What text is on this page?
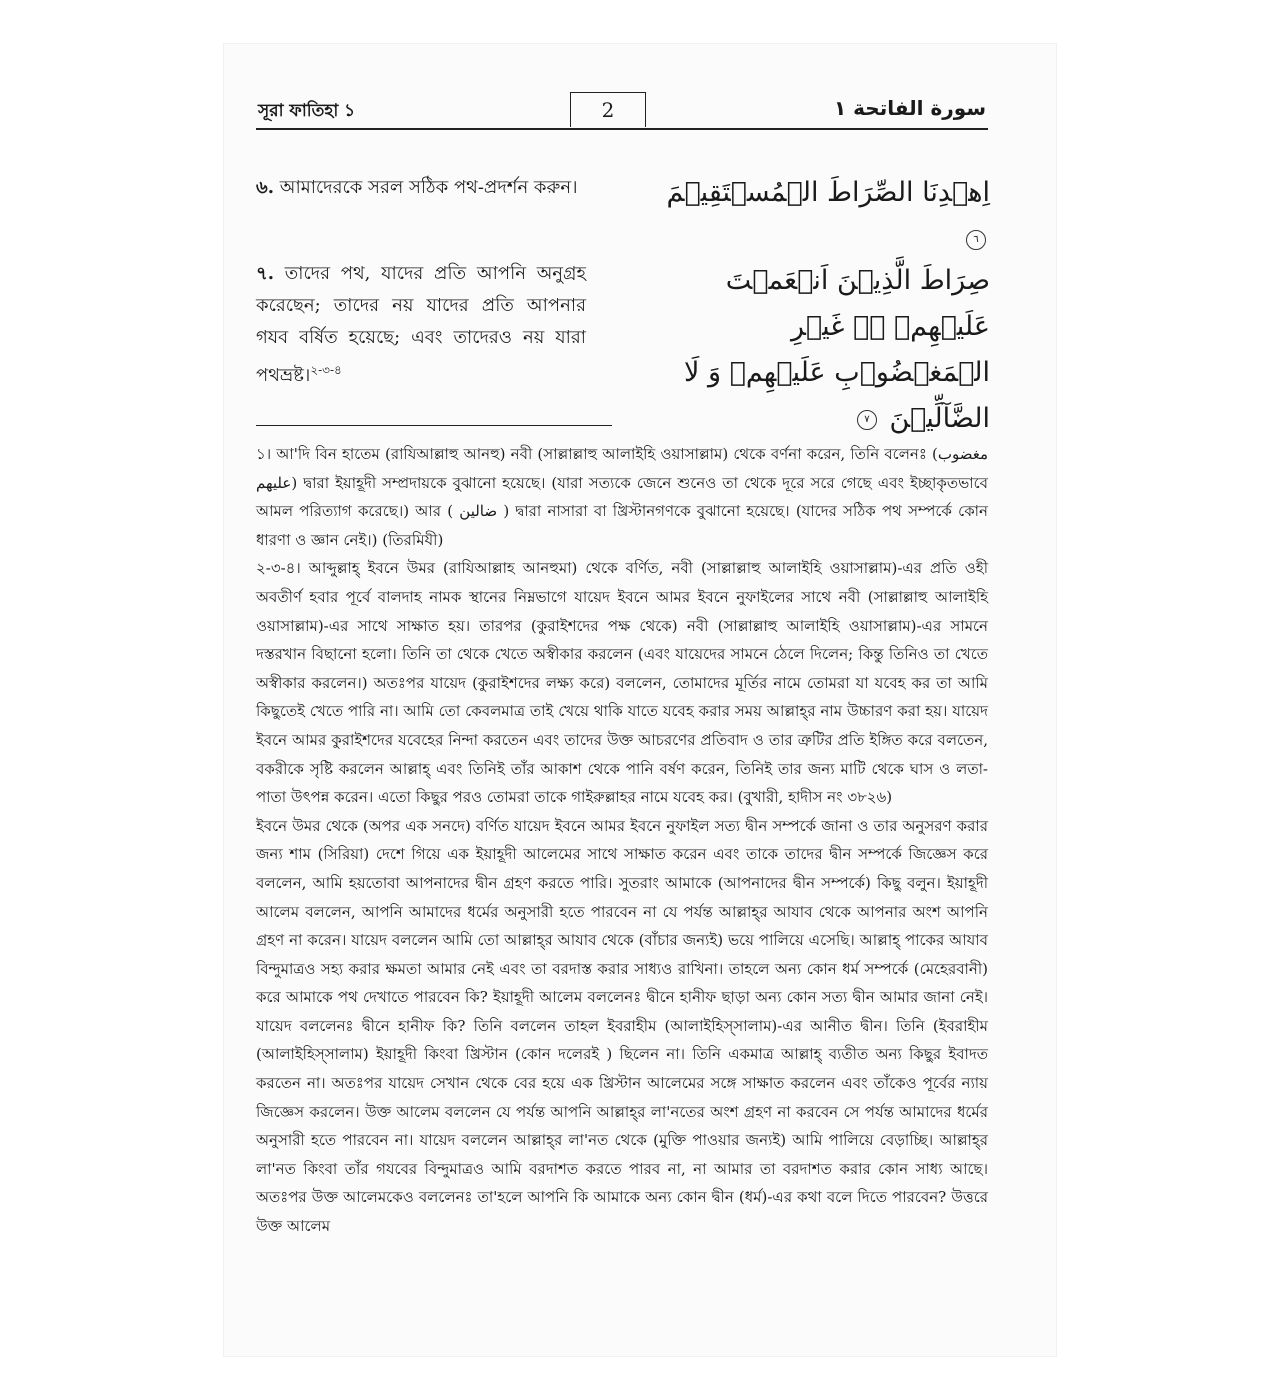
সূরা ফাতিহা ১	2	سورة الفاتحة ١
৬. আমাদেরকে সরল সঠিক পথ-প্রদর্শন করুন।	اِهۡدِنَا الصِّرَاطَ الۡمُسۡتَقِیۡمَ ٦
৭. তাদের পথ, যাদের প্রতি আপনি অনুগ্রহ করেছেন; তাদের নয় যাদের প্রতি আপনার গযব বর্ষিত হয়েছে; এবং তাদেরও নয় যারা পথভ্রষ্ট।$^{২-৩-৪}$
صِرَاطَ الَّذِیۡنَ اَنۡعَمۡتَ عَلَیۡهِمۡ ۙ۬ غَیۡرِ
الۡمَغۡضُوۡبِ عَلَیۡهِمۡ وَ لَا الضَّآلِّیۡنَ ٧

১। আ'দি বিন হাতেম (রাযিআল্লাহু আনহু) নবী (সাল্লাল্লাহু আলাইহি ওয়াসাল্লাম) থেকে বর্ণনা করেন, তিনি বলেনঃ (مغضوب عليهم) দ্বারা ইয়াহূদী সম্প্রদায়কে বুঝানো হয়েছে। (যারা সত্যকে জেনে শুনেও তা থেকে দূরে সরে গেছে এবং ইচ্ছাকৃতভাবে আমল পরিত্যাগ করেছে।) আর ( ضالين ) দ্বারা নাসারা বা খ্রিস্টানগণকে বুঝানো হয়েছে। (যাদের সঠিক পথ সম্পর্কে কোন ধারণা ও জ্ঞান নেই।) (তিরমিযী)

২-৩-৪। আব্দুল্লাহ্ ইবনে উমর (রাযিআল্লাহ আনহুমা) থেকে বর্ণিত, নবী (সাল্লাল্লাহু আলাইহি ওয়াসাল্লাম)-এর প্রতি ওহী অবতীর্ণ হবার পূর্বে বালদাহ নামক স্থানের নিম্নভাগে যায়েদ ইবনে আমর ইবনে নুফাইলের সাথে নবী (সাল্লাল্লাহু আলাইহি ওয়াসাল্লাম)-এর সাথে সাক্ষাত হয়। তারপর (কুরাইশদের পক্ষ থেকে) নবী (সাল্লাল্লাহু আলাইহি ওয়াসাল্লাম)-এর সামনে দস্তরখান বিছানো হলো। তিনি তা থেকে খেতে অস্বীকার করলেন (এবং যায়েদের সামনে ঠেলে দিলেন; কিন্তু তিনিও তা খেতে অস্বীকার করলেন।) অতঃপর যায়েদ (কুরাইশদের লক্ষ্য করে) বললেন, তোমাদের মূর্তির নামে তোমরা যা যবেহ কর তা আমি কিছুতেই খেতে পারি না। আমি তো কেবলমাত্র তাই খেয়ে থাকি যাতে যবেহ করার সময় আল্লাহ্‌র নাম উচ্চারণ করা হয়। যায়েদ ইবনে আমর কুরাইশদের যবেহের নিন্দা করতেন এবং তাদের উক্ত আচরণের প্রতিবাদ ও তার ত্রুটির প্রতি ইঙ্গিত করে বলতেন, বকরীকে সৃষ্টি করলেন আল্লাহ্ এবং তিনিই তাঁর আকাশ থেকে পানি বর্ষণ করেন, তিনিই তার জন্য মাটি থেকে ঘাস ও লতা-পাতা উৎপন্ন করেন। এতো কিছুর পরও তোমরা তাকে গাইরুল্লাহর নামে যবেহ কর। (বুখারী, হাদীস নং ৩৮২৬)

ইবনে উমর থেকে (অপর এক সনদে) বর্ণিত যায়েদ ইবনে আমর ইবনে নুফাইল সত্য দ্বীন সম্পর্কে জানা ও তার অনুসরণ করার জন্য শাম (সিরিয়া) দেশে গিয়ে এক ইয়াহূদী আলেমের সাথে সাক্ষাত করেন এবং তাকে তাদের দ্বীন সম্পর্কে জিজ্ঞেস করে বললেন, আমি হয়তোবা আপনাদের দ্বীন গ্রহণ করতে পারি। সুতরাং আমাকে (আপনাদের দ্বীন সম্পর্কে) কিছু বলুন। ইয়াহূদী আলেম বললেন, আপনি আমাদের ধর্মের অনুসারী হতে পারবেন না যে পর্যন্ত আল্লাহ্‌র আযাব থেকে আপনার অংশ আপনি গ্রহণ না করেন। যায়েদ বললেন আমি তো আল্লাহ্‌র আযাব থেকে (বাঁচার জন্যই) ভয়ে পালিয়ে এসেছি। আল্লাহ্ পাকের আযাব বিন্দুমাত্রও সহ্য করার ক্ষমতা আমার নেই এবং তা বরদাস্ত করার সাধ্যও রাখিনা। তাহলে অন্য কোন ধর্ম সম্পর্কে (মেহেরবানী) করে আমাকে পথ দেখাতে পারবেন কি? ইয়াহূদী আলেম বললেনঃ দ্বীনে হানীফ ছাড়া অন্য কোন সত্য দ্বীন আমার জানা নেই। যায়েদ বললেনঃ দ্বীনে হানীফ কি? তিনি বললেন তাহল ইবরাহীম (আলাইহিস্সালাম)-এর আনীত দ্বীন। তিনি (ইবরাহীম (আলাইহিস্সালাম) ইয়াহূদী কিংবা খ্রিস্টান (কোন দলেরই ) ছিলেন না। তিনি একমাত্র আল্লাহ্ ব্যতীত অন্য কিছুর ইবাদত করতেন না। অতঃপর যায়েদ সেখান থেকে বের হয়ে এক খ্রিস্টান আলেমের সঙ্গে সাক্ষাত করলেন এবং তাঁকেও পূর্বের ন্যায় জিজ্ঞেস করলেন। উক্ত আলেম বললেন যে পর্যন্ত আপনি আল্লাহ্‌র লা'নতের অংশ গ্রহণ না করবেন সে পর্যন্ত আমাদের ধর্মের অনুসারী হতে পারবেন না। যায়েদ বললেন আল্লাহ্‌র লা'নত থেকে (মুক্তি পাওয়ার জন্যই) আমি পালিয়ে বেড়াচ্ছি। আল্লাহ্‌র লা'নত কিংবা তাঁর গযবের বিন্দুমাত্রও আমি বরদাশত করতে পারব না, না আমার তা বরদাশত করার কোন সাধ্য আছে। অতঃপর উক্ত আলেমকেও বললেনঃ তা'হলে আপনি কি আমাকে অন্য কোন দ্বীন (ধর্ম)-এর কথা বলে দিতে পারবেন? উত্তরে উক্ত আলেম
